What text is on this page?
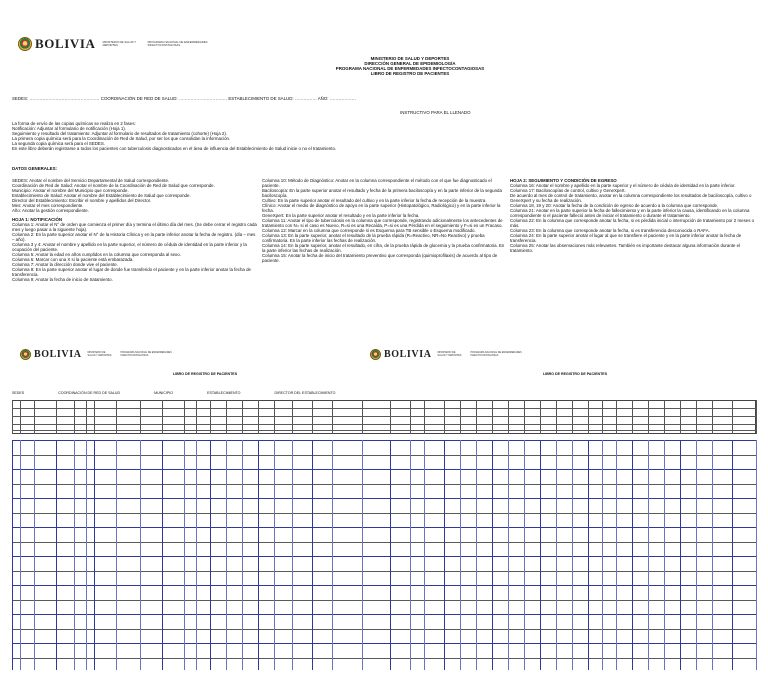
BOLIVIA	MINISTERIO DE SALUD Y DEPORTES
PROGRAMA NACIONAL DE ENFERMEDADES INFECTOCONTAGIOSAS
MINISTERIO DE SALUD Y DEPORTES
DIRECCIÓN GENERAL DE EPIDEMIOLOGÍA
PROGRAMA NACIONAL DE ENFERMEDADES INFECTOCONTAGIOSAS
LIBRO DE REGISTRO DE PACIENTES
SEDES: ………………………………………… COORDINACIÓN DE RED DE SALUD: …………………………… ESTABLECIMIENTO DE SALUD: …………… AÑO: ………………
INSTRUCTIVO PARA EL LLENADO
La forma de envío de las copias químicas se realiza en 2 fases:
Notificación: Adjuntar al formulario de notificación (Hoja 1).
Seguimiento y resultado del tratamiento: Adjuntar al formulario de resultados de tratamiento (cohorte) (Hoja 2).
La primera copia química será para la Coordinación de Red de Salud, por ser los que consolidan la información.
La segunda copia química será para el SEDES.
En este libro deberán registrarse a todos los pacientes con tuberculosis diagnosticados en el área de influencia del Establecimiento de Salud inicie o no el tratamiento.
DATOS GENERALES:
SEDES: Anotar el nombre del Servicio Departamental de Salud correspondiente.
Coordinación de Red de Salud: Anotar el nombre de la Coordinación de Red de Salud que corresponde.
Municipio: Anotar el nombre del Municipio que corresponde.
Establecimiento de Salud: Anotar el nombre del Establecimiento de Salud que corresponde.
Director del Establecimiento: Escribir el nombre y apellidos del Director.
Mes: Anotar el mes correspondiente.
Año: Anotar la gestión correspondiente.
HOJA 1: NOTIFICACIÓN
Columna 1: Anotar el N° de orden que comienza el primer día y termina el último día del mes. (Se debe cerrar el registro cada mes y luego pasar a la siguiente hoja).
Columna 2: En la parte superior anotar el N° de la Historia Clínica y en la parte inferior anotar la fecha de registro. (día – mes – año).
Columna 3 y 4: Anotar el nombre y apellido en la parte superior, el número de cédula de identidad en la parte inferior y la ocupación del paciente.
Columna 5: Anotar la edad en años cumplidos en la columna que corresponda al sexo.
Columna 6: Marcar con una X si la paciente está embarazada.
Columna 7: Anotar la dirección donde vive el paciente.
Columna 8: En la parte superior anotar el lugar de donde fue transferido el paciente y en la parte inferior anotar la fecha de transferencia.
Columna 9: Anotar la fecha de inicio de tratamiento.
Columna 10: Método de Diagnóstico: Anotar en la columna correspondiente el método con el que fue diagnosticado el paciente.
Baciloscopía: En la parte superior anotar el resultado y fecha de la primera baciloscopía y en la parte inferior de la segunda baciloscopía.
Cultivo: En la parte superior anotar el resultado del cultivo y en la parte inferior la fecha de recepción de la muestra.
Clínico: Anotar el medio de diagnóstico de apoyo en la parte superior (Histopatológico, Radiológico) y en la parte inferior la fecha.
GeneXpert: En la parte superior anotar el resultado y en la parte inferior la fecha.
Columna 11: Anotar el tipo de tuberculosis en la columna que corresponde, registrando adicionalmente los antecedentes de tratamiento con N= si el caso es Nuevo, R=si es una Recaída, P=si es una Pérdida en el seguimiento y F=si es un Fracaso.
Columna 12: Marcar en la columna que corresponde si es Esquema para TB sensible o Esquema modificado.
Columna 13: En la parte superior, anotar el resultado de la prueba rápida (R=Reactivo, NR=No Reactivo) y prueba confirmatoria. En la parte inferior las fechas de realización.
Columna 14: En la parte superior, anotar el resultado, en cifra, de la prueba rápida de glucemia y la prueba confirmatoria. En la parte inferior las fechas de realización.
Columna 15: Anotar la fecha de inicio del tratamiento preventivo que corresponda (quimioprofilaxis) de acuerdo al tipo de paciente.
HOJA 2: SEGUIMIENTO Y CONDICIÓN DE EGRESO
Columna 16: Anotar el nombre y apellido en la parte superior y el número de cédula de identidad en la parte inferior.
Columna 17: Baciloscopías de control, cultivo y GeneXpert.
De acuerdo al mes de control de tratamiento, anotar en la columna correspondiente los resultados de baciloscopía, cultivo o GeneXpert y su fecha de realización.
Columna 18, 19 y 20: Anotar la fecha de la condición de egreso de acuerdo a la columna que corresponde.
Columna 21: Anotar en la parte superior la fecha de fallecimiento y en la parte inferior la causa, identificando en la columna correspondiente si el paciente falleció antes de iniciar el tratamiento o durante el tratamiento.
Columna 22: En la columna que corresponde anotar la fecha, si es pérdida inicial o interrupción de tratamiento por 2 meses o más.
Columna 23: En la columna que corresponde anotar la fecha, si es transferencia desconocida o RAFA.
Columna 24: En la parte superior anotar el lugar al que se transfiere el paciente y en la parte inferior anotar la fecha de transferencia.
Columna 25: Anotar las observaciones más relevantes. También es importante destacar alguna información durante el tratamiento.
BOLIVIA	MINISTERIO DE SALUD Y DEPORTES
PROGRAMA NACIONAL DE ENFERMEDADES INFECTOCONTAGIOSAS
LIBRO DE REGISTRO DE PACIENTES
BOLIVIA	MINISTERIO DE SALUD Y DEPORTES
PROGRAMA NACIONAL DE ENFERMEDADES INFECTOCONTAGIOSAS
LIBRO DE REGISTRO DE PACIENTES
SEDES	COORDINACIÓN DE RED DE SALUD	MUNICIPIO	ESTABLECIMIENTO	DIRECTOR DEL ESTABLECIMIENTO
